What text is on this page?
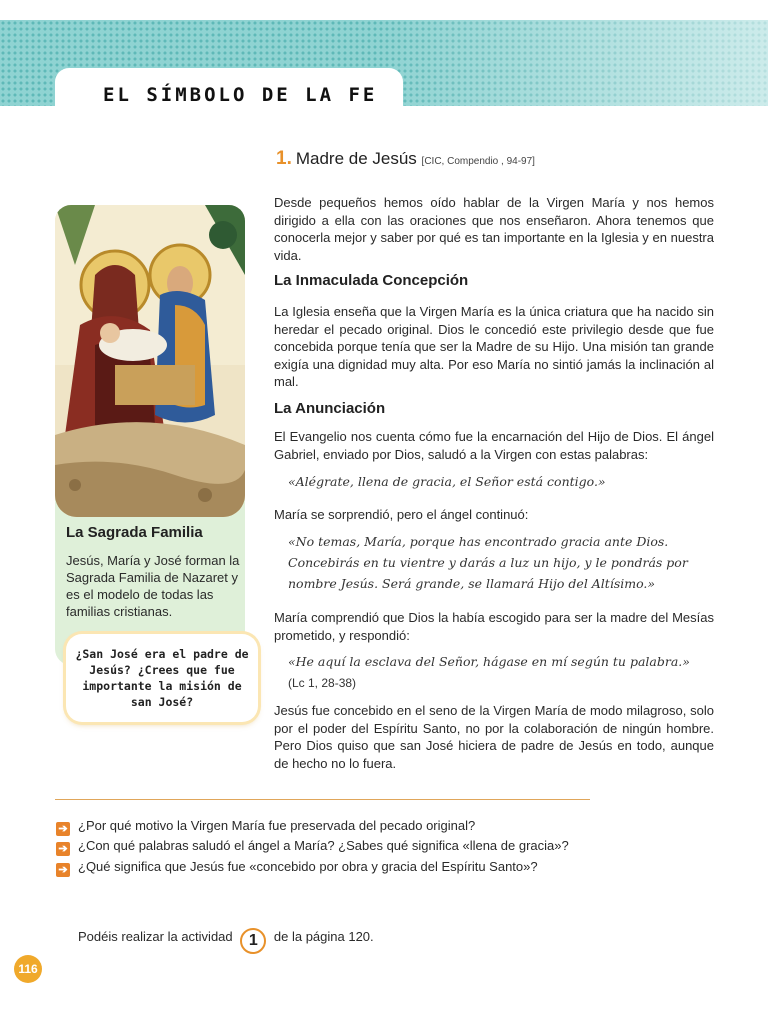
EL SÍMBOLO DE LA FE
1. Madre de Jesús [CIC, Compendio , 94-97]
Desde pequeños hemos oído hablar de la Virgen María y nos hemos dirigido a ella con las oraciones que nos enseñaron. Ahora tenemos que conocerla mejor y saber por qué es tan importante en la Iglesia y en nuestra vida.
La Inmaculada Concepción
La Iglesia enseña que la Virgen María es la única criatura que ha nacido sin heredar el pecado original. Dios le concedió este privilegio desde que fue concebida porque tenía que ser la Madre de su Hijo. Una misión tan grande exigía una dignidad muy alta. Por eso María no sintió jamás la inclinación al mal.
La Anunciación
El Evangelio nos cuenta cómo fue la encarnación del Hijo de Dios. El ángel Gabriel, enviado por Dios, saludó a la Virgen con estas palabras:
«Alégrate, llena de gracia, el Señor está contigo.»
María se sorprendió, pero el ángel continuó:
«No temas, María, porque has encontrado gracia ante Dios. Concebirás en tu vientre y darás a luz un hijo, y le pondrás por nombre Jesús. Será grande, se llamará Hijo del Altísimo.»
María comprendió que Dios la había escogido para ser la madre del Mesías prometido, y respondió:
«He aquí la esclava del Señor, hágase en mí según tu palabra.»
(Lc 1, 28-38)
Jesús fue concebido en el seno de la Virgen María de modo milagroso, solo por el poder del Espíritu Santo, no por la colaboración de ningún hombre. Pero Dios quiso que san José hiciera de padre de Jesús en todo, aunque de hecho no lo fuera.
La Sagrada Familia
Jesús, María y José forman la Sagrada Familia de Nazaret y es el modelo de todas las familias cristianas.
¿San José era el padre de Jesús? ¿Crees que fue importante la misión de san José?
➔ ¿Por qué motivo la Virgen María fue preservada del pecado original?
➔ ¿Con qué palabras saludó el ángel a María? ¿Sabes qué significa «llena de gracia»?
➔ ¿Qué significa que Jesús fue «concebido por obra y gracia del Espíritu Santo»?
Podéis realizar la actividad 1 de la página 120.
116
